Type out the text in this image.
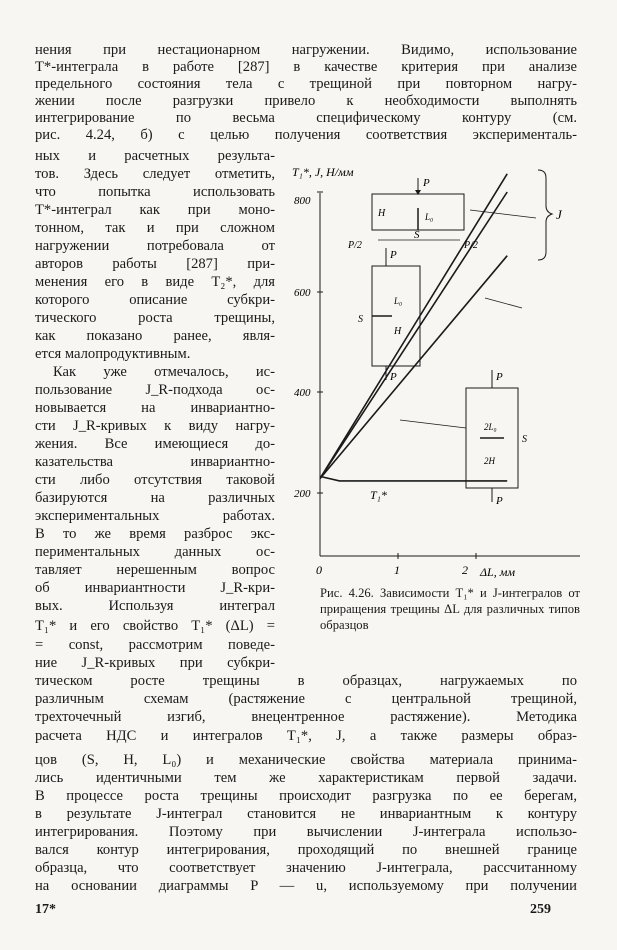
нения при нестационарном нагружении. Видимо, использование
T*-интеграла в работе [287] в качестве критерия при анализе
предельного состояния тела с трещиной при повторном нагру-
жении после разгрузки привело к необходимости выполнять
интегрирование по весьма специфическому контуру (см.
рис. 4.24, б) с целью получения соответствия эксперименталь-
ных и расчетных результа-
тов. Здесь следует отметить,
что попытка использовать
T*-интеграл как при моно-
тонном, так и при сложном
нагружении потребовала от
авторов работы [287] при-
менения его в виде T₂*, для
которого описание субкри-
тического роста трещины,
как показано ранее, явля-
ется малопродуктивным.
Как уже отмечалось, ис-
пользование J_R-подхода ос-
новывается на инвариантно-
сти J_R-кривых к виду нагру-
жения. Все имеющиеся до-
казательства инвариантно-
сти либо отсутствия таковой
базируются на различных
экспериментальных работах.
В то же время разброс экс-
периментальных данных ос-
тавляет нерешенным вопрос
об инвариантности J_R-кри-
вых. Используя интеграл
T₁* и его свойство T₁* (ΔL) =
= const, рассмотрим поведе-
ние J_R-кривых при субкри-
тическом росте трещины в образцах, нагружаемых по
различным схемам (растяжение с центральной трещиной,
трехточечный изгиб, внецентренное растяжение). Методика
расчета НДС и интегралов T₁*, J, а также размеры образ-
цов (S, H, L₀) и механические свойства материала принима-
лись идентичными тем же характеристикам первой задачи.
В процессе роста трещины происходит разгрузка по ее берегам,
в результате J-интеграл становится не инвариантным к контуру
интегрирования. Поэтому при вычислении J-интеграла использо-
вался контур интегрирования, проходящий по внешней границе
образца, что соответствует значению J-интеграла, рассчитанному
на основании диаграммы P — u, используемому при получении
T₁*, J, Н/мм
ΔL, мм
200
400
600
800
0	1	2
J
T₁*
P
H	L₀
S
P/2	P/2
P
P
S
L₀
H
P
P
2L₀
2H
S
Рис. 4.26. Зависимости T₁* и J-интегралов от приращения трещины ΔL для различных типов образцов
17*	259
